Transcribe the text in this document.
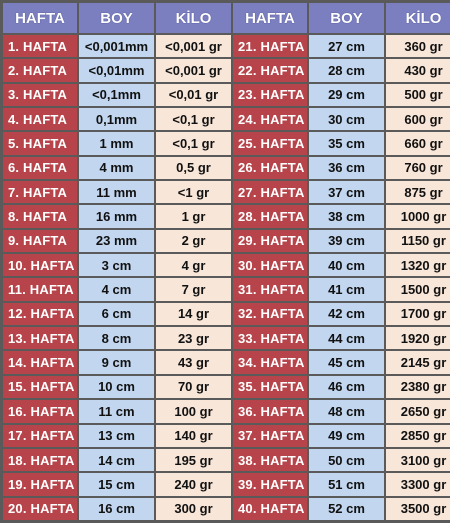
HAFTA	BOY	KİLO	HAFTA	BOY	KİLO
1. HAFTA	<0,001mm	<0,001 gr	21. HAFTA	27 cm	360 gr
2. HAFTA	<0,01mm	<0,001 gr	22. HAFTA	28 cm	430 gr
3. HAFTA	<0,1mm	<0,01 gr	23. HAFTA	29 cm	500 gr
4. HAFTA	0,1mm	<0,1 gr	24. HAFTA	30 cm	600 gr
5. HAFTA	1 mm	<0,1 gr	25. HAFTA	35 cm	660 gr
6. HAFTA	4 mm	0,5 gr	26. HAFTA	36 cm	760 gr
7. HAFTA	11 mm	<1 gr	27. HAFTA	37 cm	875 gr
8. HAFTA	16 mm	1 gr	28. HAFTA	38 cm	1000 gr
9. HAFTA	23 mm	2 gr	29. HAFTA	39 cm	1150 gr
10. HAFTA	3 cm	4 gr	30. HAFTA	40 cm	1320 gr
11. HAFTA	4 cm	7 gr	31. HAFTA	41 cm	1500 gr
12. HAFTA	6 cm	14 gr	32. HAFTA	42 cm	1700 gr
13. HAFTA	8 cm	23 gr	33. HAFTA	44 cm	1920 gr
14. HAFTA	9 cm	43 gr	34. HAFTA	45 cm	2145 gr
15. HAFTA	10 cm	70 gr	35. HAFTA	46 cm	2380 gr
16. HAFTA	11 cm	100 gr	36. HAFTA	48 cm	2650 gr
17. HAFTA	13 cm	140 gr	37. HAFTA	49 cm	2850 gr
18. HAFTA	14 cm	195 gr	38. HAFTA	50 cm	3100 gr
19. HAFTA	15 cm	240 gr	39. HAFTA	51 cm	3300 gr
20. HAFTA	16 cm	300 gr	40. HAFTA	52 cm	3500 gr
